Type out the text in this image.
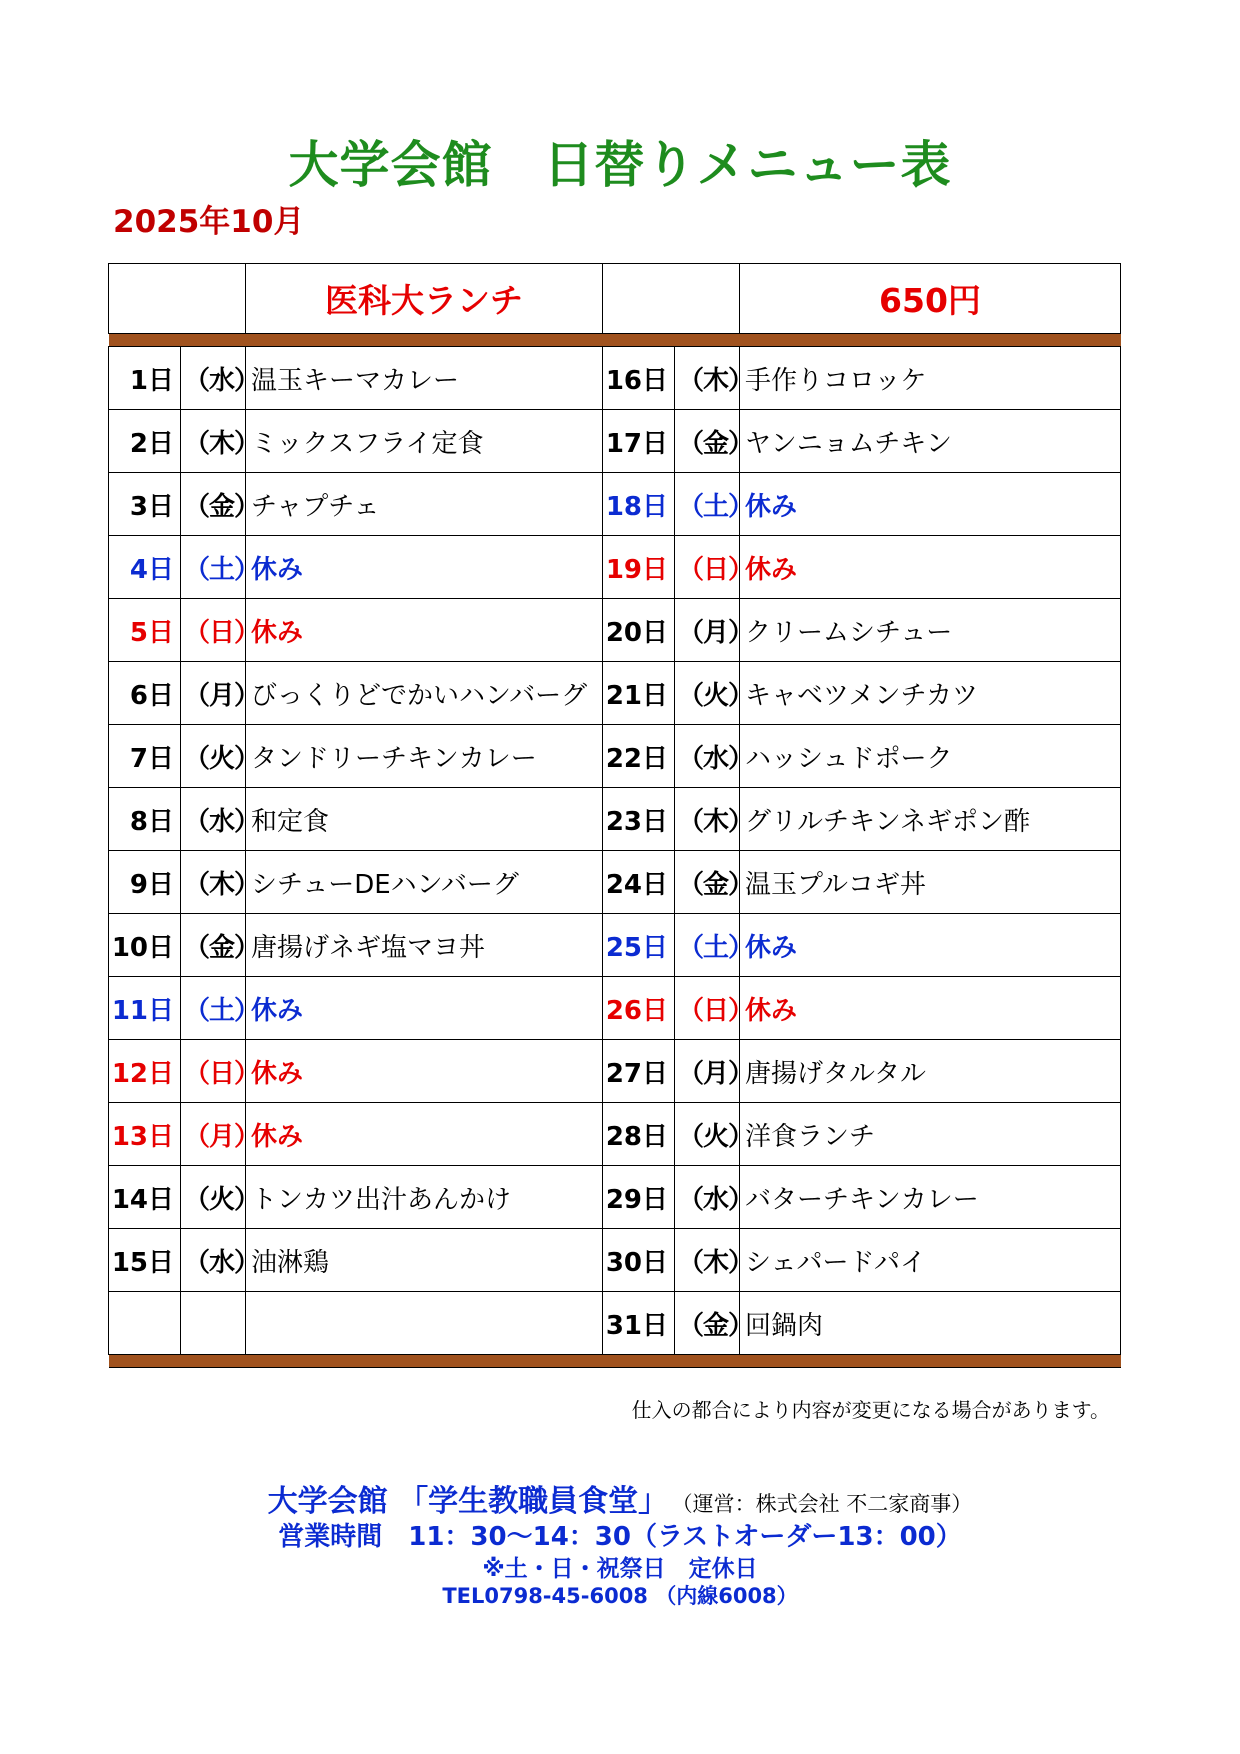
大学会館　日替りメニュー表
2025年10月
		医科大ランチ			650円

1日	（水）	温玉キーマカレー	16日	（木）	手作りコロッケ
2日	（木）	ミックスフライ定食	17日	（金）	ヤンニョムチキン
3日	（金）	チャプチェ	18日	（土）	休み
4日	（土）	休み	19日	（日）	休み
5日	（日）	休み	20日	（月）	クリームシチュー
6日	（月）	びっくりどでかいハンバーグ	21日	（火）	キャベツメンチカツ
7日	（火）	タンドリーチキンカレー	22日	（水）	ハッシュドポーク
8日	（水）	和定食	23日	（木）	グリルチキンネギポン酢
9日	（木）	シチューDEハンバーグ	24日	（金）	温玉プルコギ丼
10日	（金）	唐揚げネギ塩マヨ丼	25日	（土）	休み
11日	（土）	休み	26日	（日）	休み
12日	（日）	休み	27日	（月）	唐揚げタルタル
13日	（月）	休み	28日	（火）	洋食ランチ
14日	（火）	トンカツ出汁あんかけ	29日	（水）	バターチキンカレー
15日	（水）	油淋鶏	30日	（木）	シェパードパイ
			31日	（金）	回鍋肉

仕入の都合により内容が変更になる場合があります。
大学会館 「学生教職員食堂」 （運営：株式会社 不二家商事）
営業時間　11：30～14：30（ラストオーダー13：00）
※土・日・祝祭日　定休日
TEL0798-45-6008 （内線6008）
